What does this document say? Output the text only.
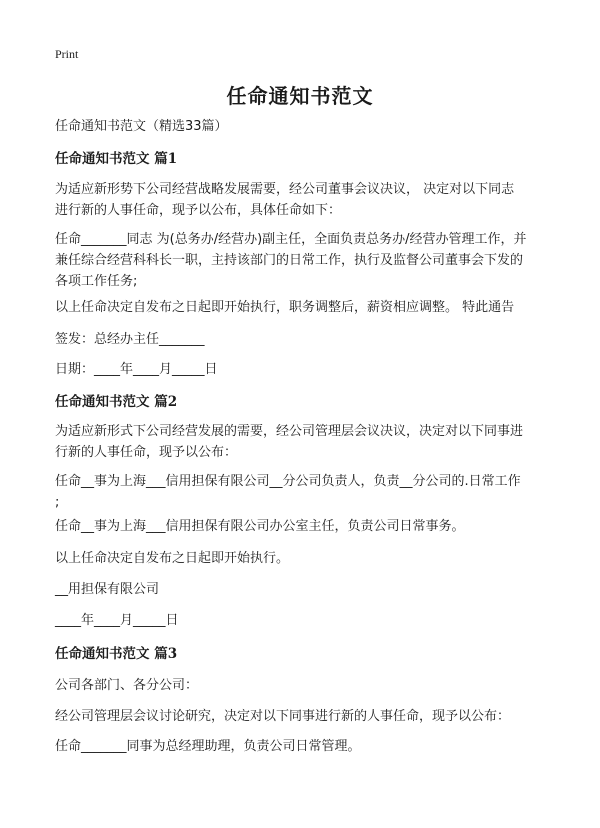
Print
任命通知书范文
任命通知书范文（精选33篇）
任命通知书范文 篇1
为适应新形势下公司经营战略发展需要，经公司董事会议决议， 决定对以下同志
进行新的人事任命，现予以公布，具体任命如下：
任命_______同志 为(总务办/经营办)副主任，全面负责总务办/经营办管理工作，并
兼任综合经营科科长一职，主持该部门的日常工作，执行及监督公司董事会下发的
各项工作任务;
以上任命决定自发布之日起即开始执行，职务调整后，薪资相应调整。 特此通告
签发：总经办主任_______
日期：____年____月_____日
任命通知书范文 篇2
为适应新形式下公司经营发展的需要，经公司管理层会议决议，决定对以下同事进
行新的人事任命，现予以公布：
任命__事为上海___信用担保有限公司__分公司负责人，负责__分公司的.日常工作
;
任命__事为上海___信用担保有限公司办公室主任，负责公司日常事务。
以上任命决定自发布之日起即开始执行。
__用担保有限公司
____年____月_____日
任命通知书范文 篇3
公司各部门、各分公司：
经公司管理层会议讨论研究，决定对以下同事进行新的人事任命，现予以公布：
任命_______同事为总经理助理，负责公司日常管理。
